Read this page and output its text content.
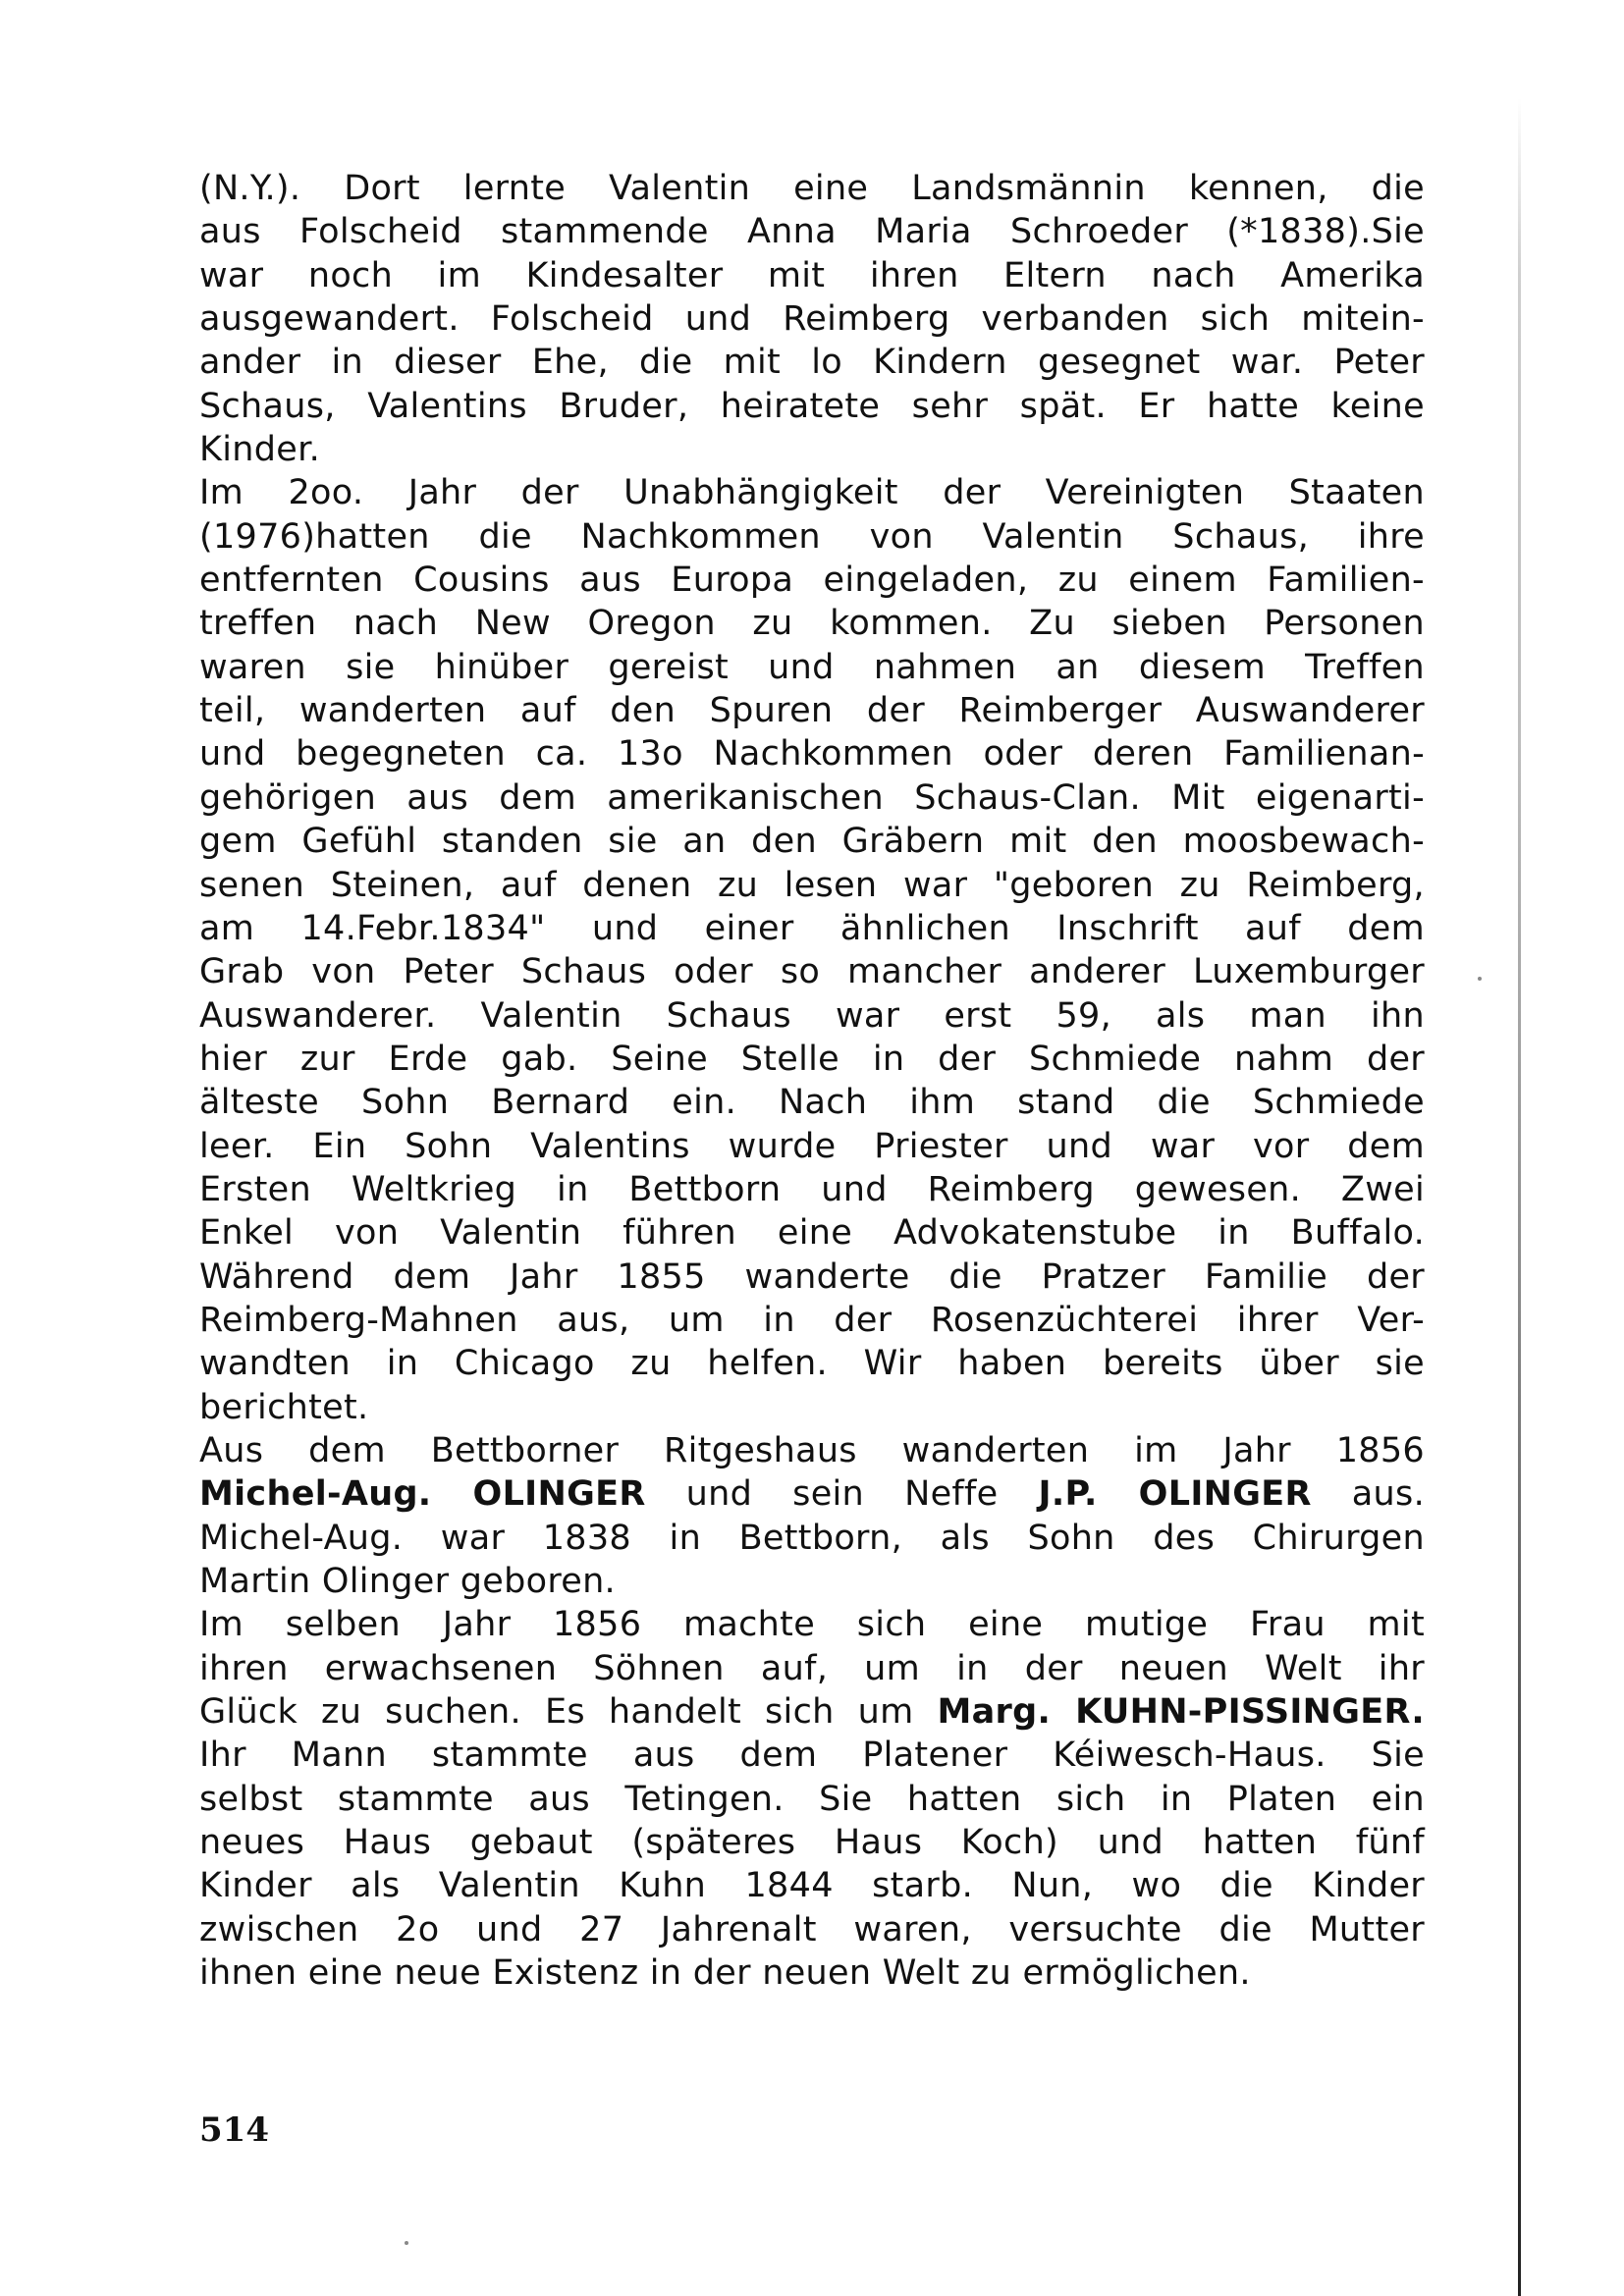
(N.Y.). Dort lernte Valentin eine Landsmännin kennen, die
aus Folscheid stammende Anna Maria Schroeder (*1838).Sie
war noch im Kindesalter mit ihren Eltern nach Amerika
ausgewandert. Folscheid und Reimberg verbanden sich mitein-
ander in dieser Ehe, die mit lo Kindern gesegnet war. Peter
Schaus, Valentins Bruder, heiratete sehr spät. Er hatte keine
Kinder.
Im 2oo. Jahr der Unabhängigkeit der Vereinigten Staaten
(1976)hatten die Nachkommen von Valentin Schaus, ihre
entfernten Cousins aus Europa eingeladen, zu einem Familien-
treffen nach New Oregon zu kommen. Zu sieben Personen
waren sie hinüber gereist und nahmen an diesem Treffen
teil, wanderten auf den Spuren der Reimberger Auswanderer
und begegneten ca. 13o Nachkommen oder deren Familienan-
gehörigen aus dem amerikanischen Schaus-Clan. Mit eigenarti-
gem Gefühl standen sie an den Gräbern mit den moosbewach-
senen Steinen, auf denen zu lesen war "geboren zu Reimberg,
am 14.Febr.1834" und einer ähnlichen Inschrift auf dem
Grab von Peter Schaus oder so mancher anderer Luxemburger
Auswanderer. Valentin Schaus war erst 59, als man ihn
hier zur Erde gab. Seine Stelle in der Schmiede nahm der
älteste Sohn Bernard ein. Nach ihm stand die Schmiede
leer. Ein Sohn Valentins wurde Priester und war vor dem
Ersten Weltkrieg in Bettborn und Reimberg gewesen. Zwei
Enkel von Valentin führen eine Advokatenstube in Buffalo.
Während dem Jahr 1855 wanderte die Pratzer Familie der
Reimberg-Mahnen aus, um in der Rosenzüchterei ihrer Ver-
wandten in Chicago zu helfen. Wir haben bereits über sie
berichtet.
Aus dem Bettborner Ritgeshaus wanderten im Jahr 1856
Michel-Aug. OLINGER und sein Neffe J.P. OLINGER aus.
Michel-Aug. war 1838 in Bettborn, als Sohn des Chirurgen
Martin Olinger geboren.
Im selben Jahr 1856 machte sich eine mutige Frau mit
ihren erwachsenen Söhnen auf, um in der neuen Welt ihr
Glück zu suchen. Es handelt sich um Marg. KUHN-PISSINGER.
Ihr Mann stammte aus dem Platener Kéiwesch-Haus. Sie
selbst stammte aus Tetingen. Sie hatten sich in Platen ein
neues Haus gebaut (späteres Haus Koch) und hatten fünf
Kinder als Valentin Kuhn 1844 starb. Nun, wo die Kinder
zwischen 2o und 27 Jahrenalt waren, versuchte die Mutter
ihnen eine neue Existenz in der neuen Welt zu ermöglichen.
514
